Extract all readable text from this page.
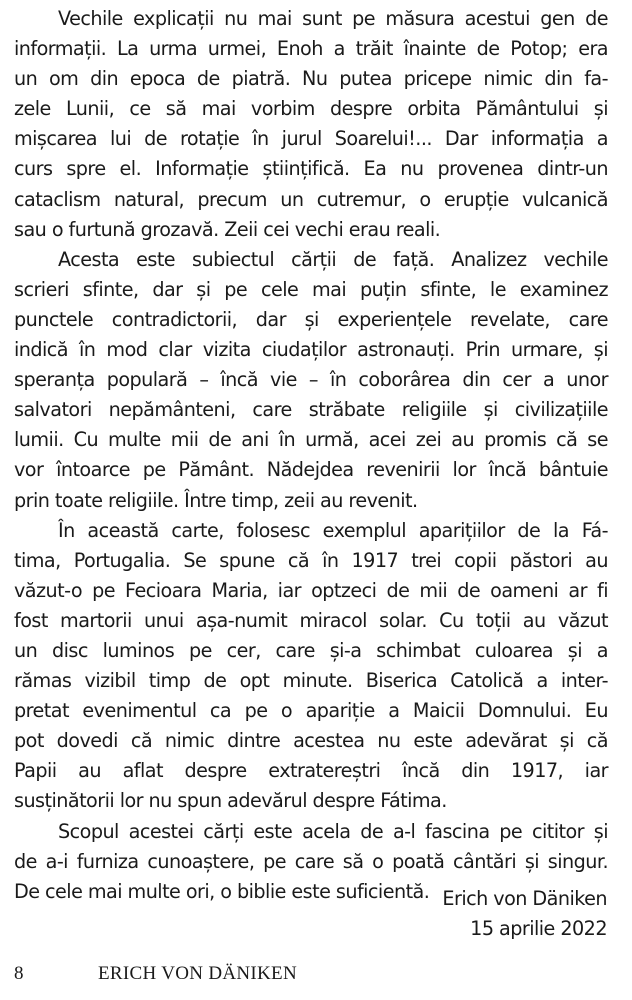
Vechile explicații nu mai sunt pe măsura acestui gen de
informații. La urma urmei, Enoh a trăit înainte de Potop; era
un om din epoca de piatră. Nu putea pricepe nimic din fa-
zele Lunii, ce să mai vorbim despre orbita Pământului și
mișcarea lui de rotație în jurul Soarelui!... Dar informația a
curs spre el. Informație științifică. Ea nu provenea dintr-un
cataclism natural, precum un cutremur, o erupție vulcanică
sau o furtună grozavă. Zeii cei vechi erau reali.
Acesta este subiectul cărții de față. Analizez vechile
scrieri sfinte, dar și pe cele mai puțin sfinte, le examinez
punctele contradictorii, dar și experiențele revelate, care
indică în mod clar vizita ciudaților astronauți. Prin urmare, și
speranța populară – încă vie – în coborârea din cer a unor
salvatori nepământeni, care străbate religiile și civilizațiile
lumii. Cu multe mii de ani în urmă, acei zei au promis că se
vor întoarce pe Pământ. Nădejdea revenirii lor încă bântuie
prin toate religiile. Între timp, zeii au revenit.
În această carte, folosesc exemplul aparițiilor de la Fá-
tima, Portugalia. Se spune că în 1917 trei copii păstori au
văzut-o pe Fecioara Maria, iar optzeci de mii de oameni ar fi
fost martorii unui așa-numit miracol solar. Cu toții au văzut
un disc luminos pe cer, care și-a schimbat culoarea și a
rămas vizibil timp de opt minute. Biserica Catolică a inter-
pretat evenimentul ca pe o apariție a Maicii Domnului. Eu
pot dovedi că nimic dintre acestea nu este adevărat și că
Papii au aflat despre extratereștri încă din 1917, iar
susținătorii lor nu spun adevărul despre Fátima.
Scopul acestei cărți este acela de a-l fascina pe cititor și
de a-i furniza cunoaștere, pe care să o poată cântări și singur.
De cele mai multe ori, o biblie este suficientă. Erich von Däniken
15 aprilie 2022
8	ERICH VON DÄNIKEN
